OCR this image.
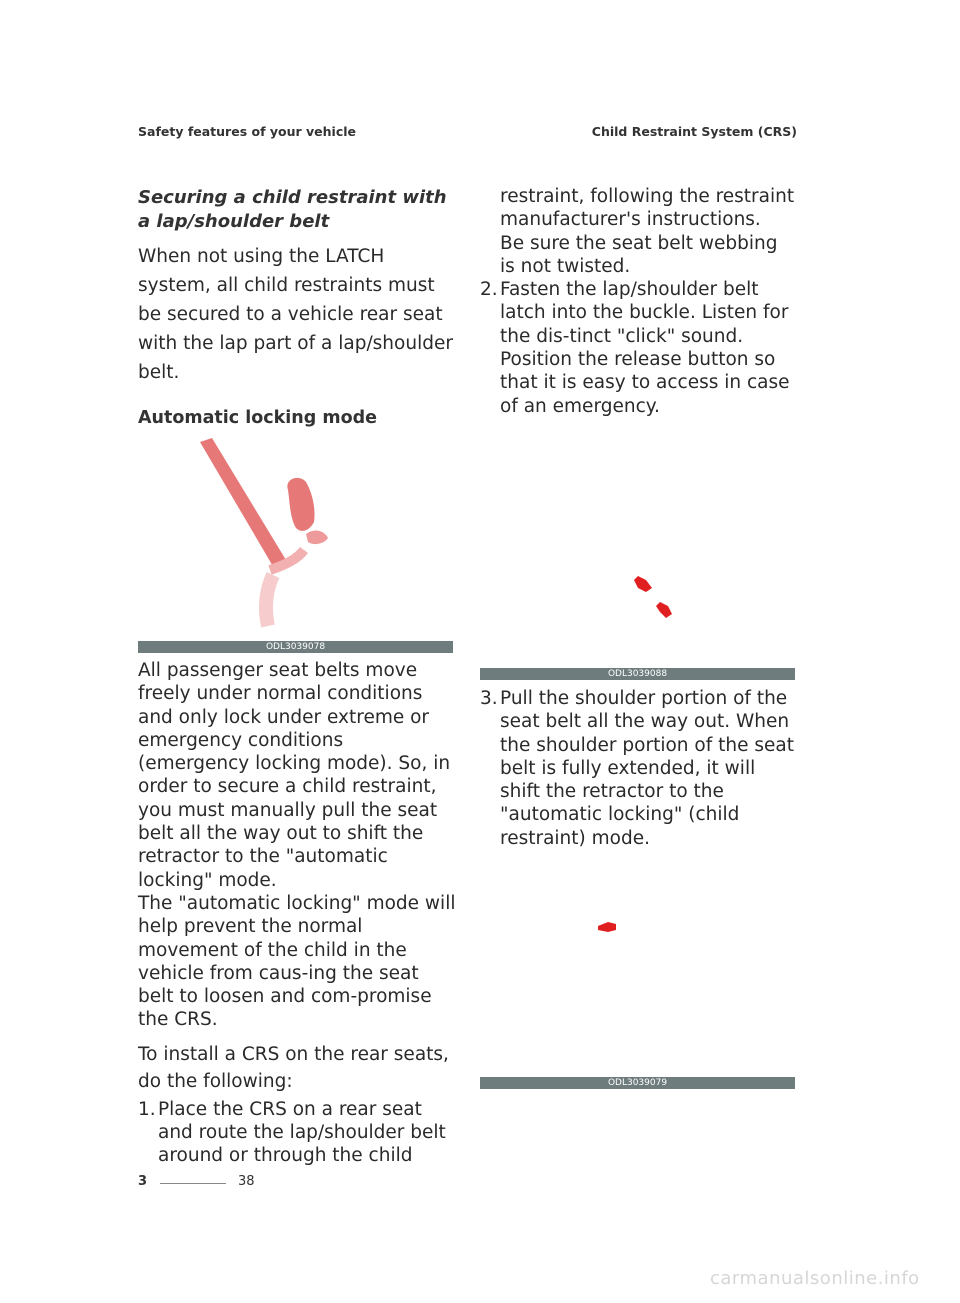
Safety features of your vehicle	Child Restraint System (CRS)

Securing a child restraint with a lap/shoulder belt

When not using the LATCH system, all child restraints must be secured to a vehicle rear seat with the lap part of a lap/shoulder belt.

Automatic locking mode

ODL3039078

All passenger seat belts move freely under normal conditions and only lock under extreme or emergency conditions (emergency locking mode). So, in order to secure a child restraint, you must manually pull the seat belt all the way out to shift the retractor to the "automatic locking" mode.

The "automatic locking" mode will help prevent the normal movement of the child in the vehicle from caus-ing the seat belt to loosen and com-promise the CRS.

To install a CRS on the rear seats, do the following:

1. Place the CRS on a rear seat and route the lap/shoulder belt around or through the child

restraint, following the restraint manufacturer's instructions.

Be sure the seat belt webbing is not twisted.

2. Fasten the lap/shoulder belt latch into the buckle. Listen for the dis-tinct "click" sound.

Position the release button so that it is easy to access in case of an emergency.

ODL3039088
3. Pull the shoulder portion of the seat belt all the way out. When the shoulder portion of the seat belt is fully extended, it will shift the retractor to the "automatic locking" (child restraint) mode.
ODL3039079
3	38
carmanualsonline.info
